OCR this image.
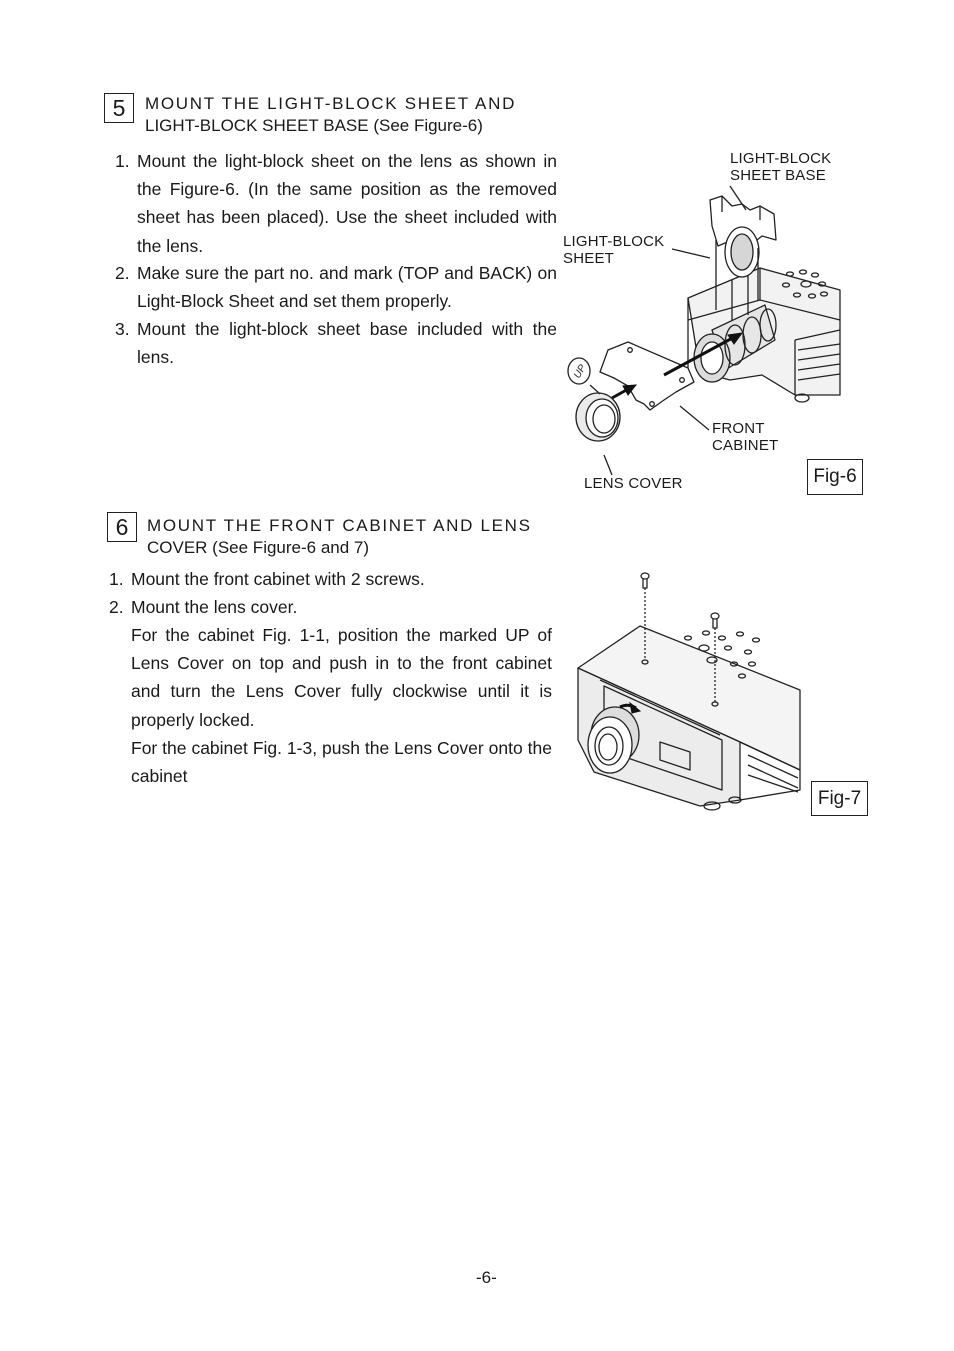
5	MOUNT THE LIGHT-BLOCK SHEET AND
LIGHT-BLOCK SHEET BASE (See Figure-6)
1. Mount the light-block sheet on the lens as shown in the Figure-6. (In the same position as the removed sheet has been placed). Use the sheet included with the lens.
2. Make sure the part no. and mark (TOP and BACK) on Light-Block Sheet and set them properly.
3. Mount the light-block sheet base included with the lens.
LIGHT-BLOCK SHEET BASE
LIGHT-BLOCK SHEET
FRONT CABINET
LENS COVER
UP
Fig-6
6	MOUNT THE FRONT CABINET AND LENS
COVER (See Figure-6 and 7)
1. Mount the front cabinet with 2 screws.
2. Mount the lens cover.
For the cabinet Fig. 1-1, position the marked UP of Lens Cover on top and push in to the front cabinet and turn the Lens Cover fully clockwise until it is properly locked.
For the cabinet Fig. 1-3, push the Lens Cover onto the cabinet
Fig-7
-6-
